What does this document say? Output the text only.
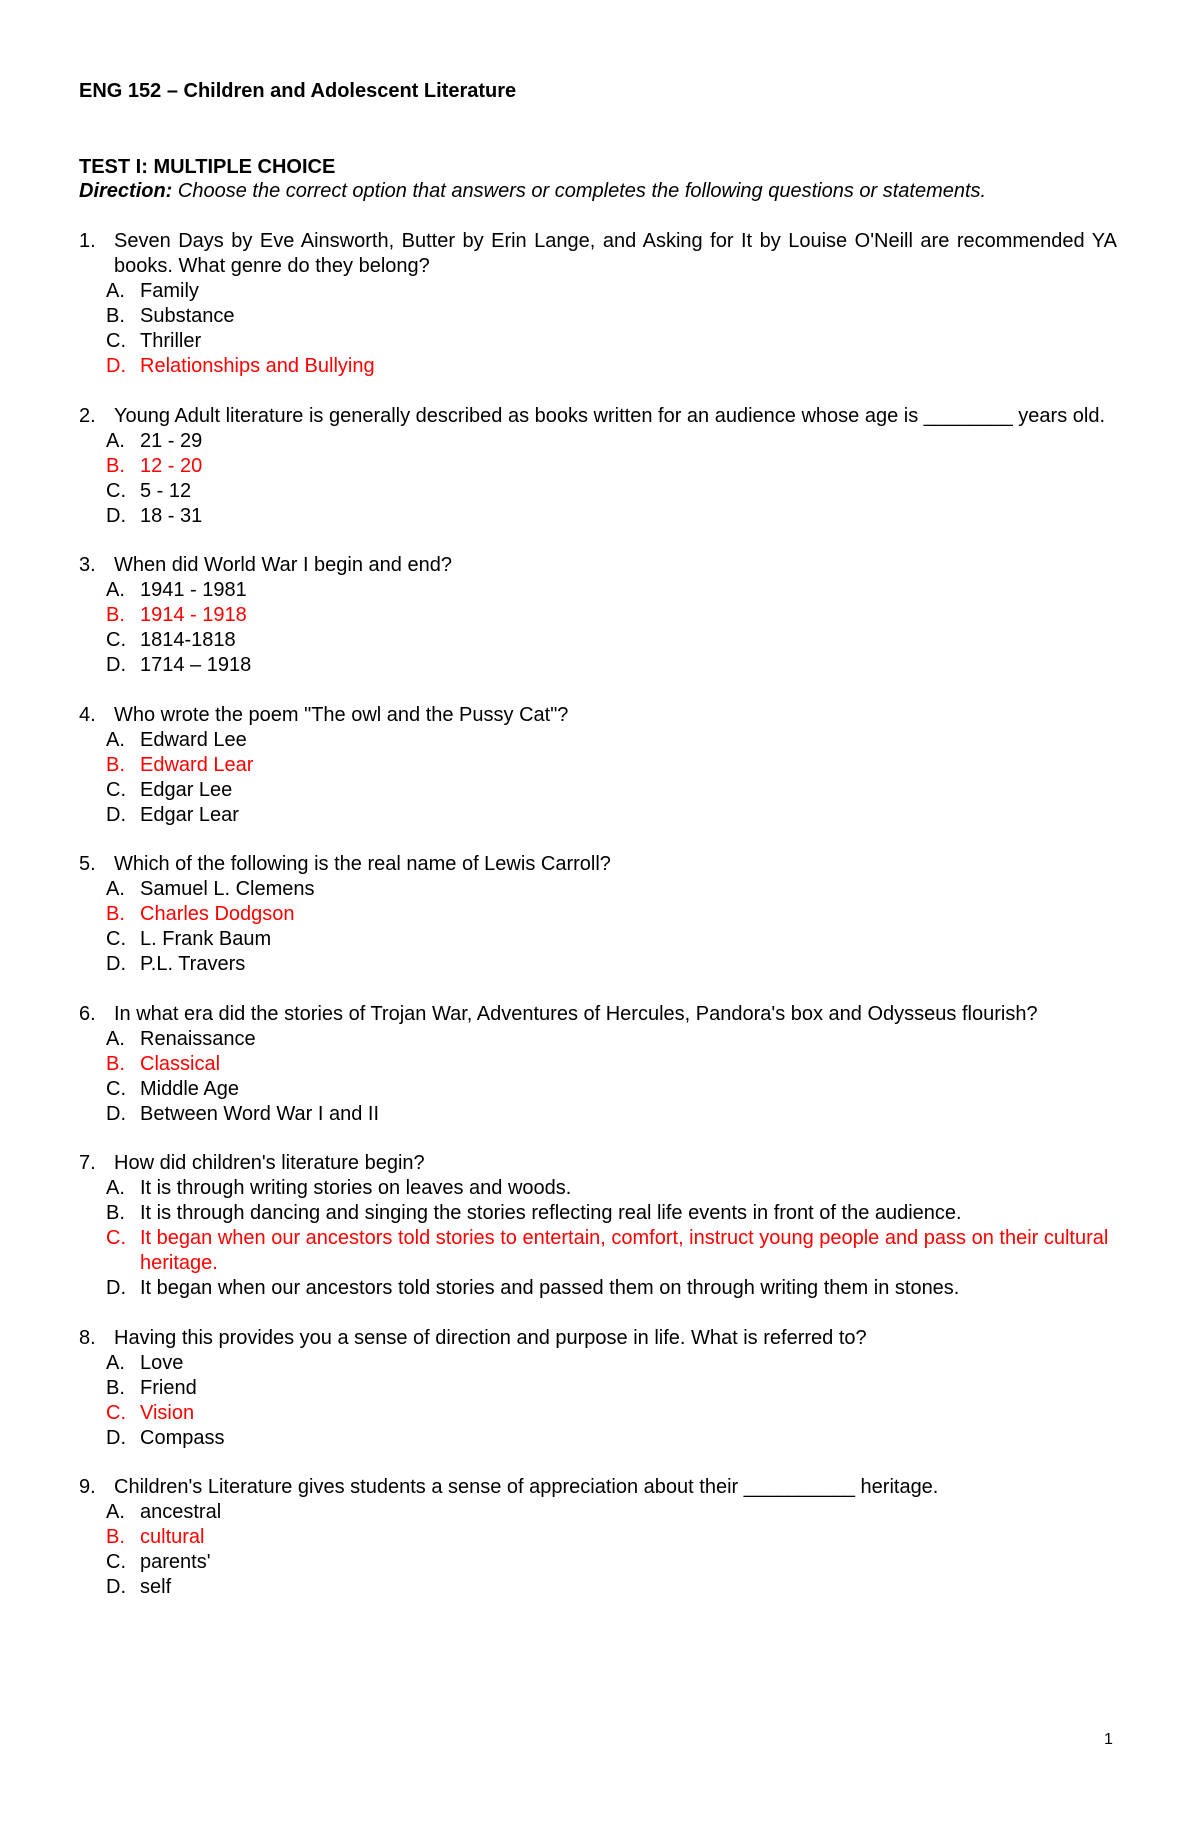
ENG 152 – Children and Adolescent Literature

TEST I: MULTIPLE CHOICE

Direction: Choose the correct option that answers or completes the following questions or statements.

1. Seven Days by Eve Ainsworth, Butter by Erin Lange, and Asking for It by Louise O'Neill are recommended YA books. What genre do they belong?
A. Family
B. Substance
C. Thriller
D. Relationships and Bullying
2. Young Adult literature is generally described as books written for an audience whose age is ________ years old.
A. 21 - 29
B. 12 - 20
C. 5 - 12
D. 18 - 31
3. When did World War I begin and end?
A. 1941 - 1981
B. 1914 - 1918
C. 1814-1818
D. 1714 – 1918
4. Who wrote the poem "The owl and the Pussy Cat"?
A. Edward Lee
B. Edward Lear
C. Edgar Lee
D. Edgar Lear
5. Which of the following is the real name of Lewis Carroll?
A. Samuel L. Clemens
B. Charles Dodgson
C. L. Frank Baum
D. P.L. Travers
6. In what era did the stories of Trojan War, Adventures of Hercules, Pandora's box and Odysseus flourish?
A. Renaissance
B. Classical
C. Middle Age
D. Between Word War I and II
7. How did children's literature begin?
A. It is through writing stories on leaves and woods.
B. It is through dancing and singing the stories reflecting real life events in front of the audience.
C. It began when our ancestors told stories to entertain, comfort, instruct young people and pass on their cultural heritage.
D. It began when our ancestors told stories and passed them on through writing them in stones.
8. Having this provides you a sense of direction and purpose in life. What is referred to?
A. Love
B. Friend
C. Vision
D. Compass
9. Children's Literature gives students a sense of appreciation about their __________ heritage.
A. ancestral
B. cultural
C. parents'
D. self

1
